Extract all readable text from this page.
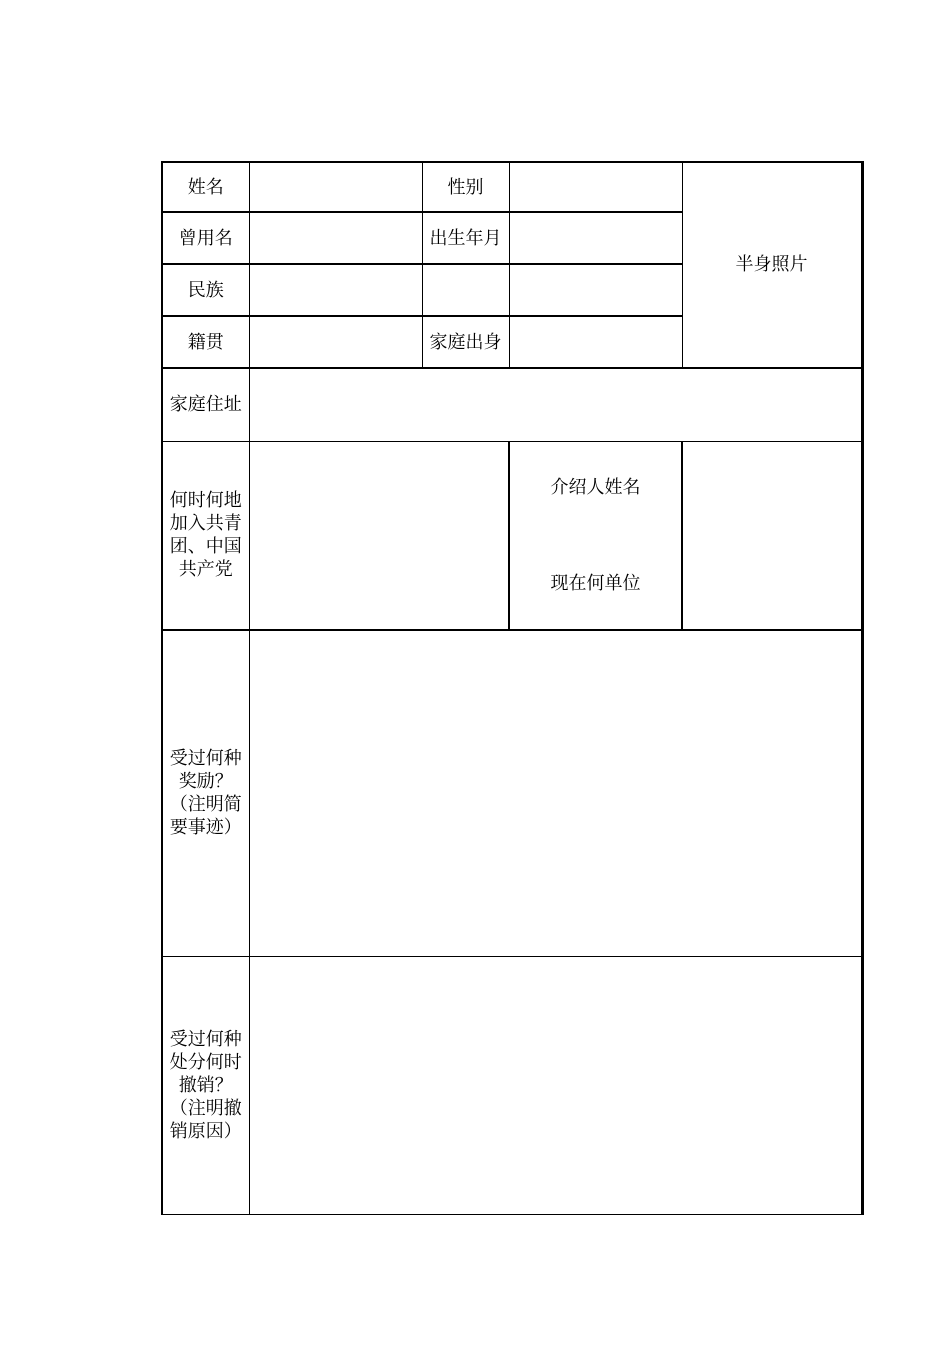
姓名		性别		半身照片
曾用名		出生年月		
民族				
籍贯		家庭出身		
家庭住址				
何时何地加入共青团、中国共产党			介绍人姓名
现在何单位	

受过何种奖励？（注明简要事迹）				
受过何种处分何时撤销？（注明撤销原因）				
